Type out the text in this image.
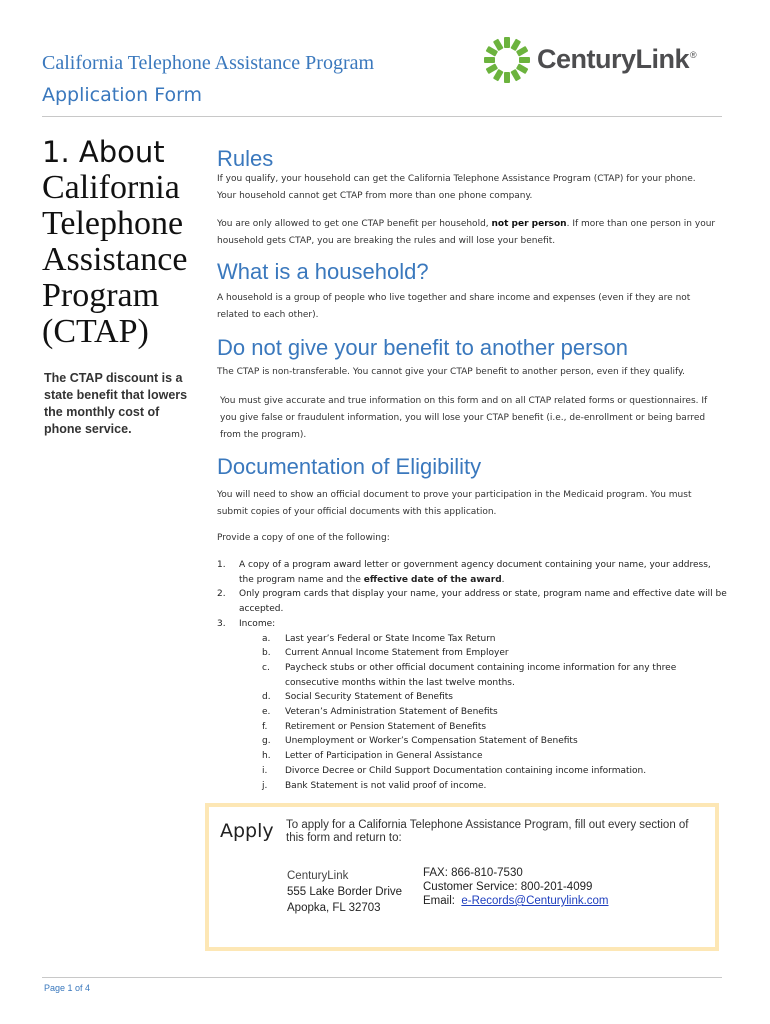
California Telephone Assistance Program
Application Form
CenturyLink®
1. About
California
Telephone
Assistance
Program
(CTAP)
The CTAP discount is a state benefit that lowers the monthly cost of phone service.
Rules
If you qualify, your household can get the California Telephone Assistance Program (CTAP) for your phone. Your household cannot get CTAP from more than one phone company.
You are only allowed to get one CTAP benefit per household, not per person. If more than one person in your household gets CTAP, you are breaking the rules and will lose your benefit.
What is a household?
A household is a group of people who live together and share income and expenses (even if they are not related to each other).
Do not give your benefit to another person
The CTAP is non-transferable. You cannot give your CTAP benefit to another person, even if they qualify.
You must give accurate and true information on this form and on all CTAP related forms or questionnaires. If you give false or fraudulent information, you will lose your CTAP benefit (i.e., de-enrollment or being barred from the program).
Documentation of Eligibility
You will need to show an official document to prove your participation in the Medicaid program. You must submit copies of your official documents with this application.
Provide a copy of one of the following:
1.	A copy of a program award letter or government agency document containing your name, your address, the program name and the effective date of the award.
2.	Only program cards that display your name, your address or state, program name and effective date will be accepted.
3.	Income:
a.	Last year’s Federal or State Income Tax Return
b.	Current Annual Income Statement from Employer
c.	Paycheck stubs or other official document containing income information for any three consecutive months within the last twelve months.
d.	Social Security Statement of Benefits
e.	Veteran’s Administration Statement of Benefits
f.	Retirement or Pension Statement of Benefits
g.	Unemployment or Worker’s Compensation Statement of Benefits
h.	Letter of Participation in General Assistance
i.	Divorce Decree or Child Support Documentation containing income information.
j.	Bank Statement is not valid proof of income.
Apply To apply for a California Telephone Assistance Program, fill out every section of this form and return to:
CenturyLink
555 Lake Border Drive
Apopka, FL 32703
FAX: 866-810-7530
Customer Service: 800-201-4099
Email: e-Records@Centurylink.com
Page 1 of 4
